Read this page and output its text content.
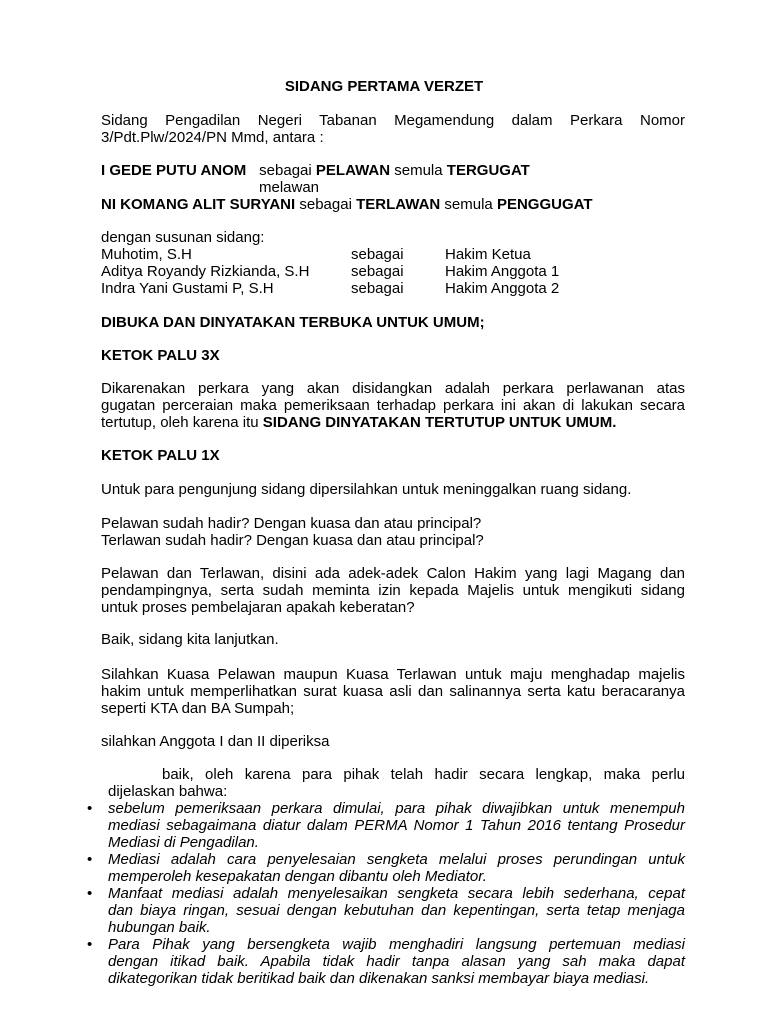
SIDANG PERTAMA VERZET

Sidang Pengadilan Negeri Tabanan Megamendung dalam Perkara Nomor

3/Pdt.Plw/2024/PN Mmd, antara :

I GEDE PUTU ANOM sebagai PELAWAN semula TERGUGAT
melawan
NI KOMANG ALIT SURYANI sebagai TERLAWAN semula PENGGUGAT
dengan susunan sidang:
Muhotim, S.H	sebagai	Hakim Ketua
Aditya Royandy Rizkianda, S.H	sebagai	Hakim Anggota 1
Indra Yani Gustami P, S.H	sebagai	Hakim Anggota 2
DIBUKA DAN DINYATAKAN TERBUKA UNTUK UMUM;
KETOK PALU 3X

Dikarenakan perkara yang akan disidangkan adalah perkara perlawanan atas

gugatan perceraian maka pemeriksaan terhadap perkara ini akan di lakukan secara

tertutup, oleh karena itu SIDANG DINYATAKAN TERTUTUP UNTUK UMUM.

KETOK PALU 1X
Untuk para pengunjung sidang dipersilahkan untuk meninggalkan ruang sidang.

Pelawan sudah hadir? Dengan kuasa dan atau principal?

Terlawan sudah hadir? Dengan kuasa dan atau principal?

Pelawan dan Terlawan, disini ada adek-adek Calon Hakim yang lagi Magang dan

pendampingnya, serta sudah meminta izin kepada Majelis untuk mengikuti sidang

untuk proses pembelajaran apakah keberatan?

Baik, sidang kita lanjutkan.

Silahkan Kuasa Pelawan maupun Kuasa Terlawan untuk maju menghadap majelis

hakim untuk memperlihatkan surat kuasa asli dan salinannya serta katu beracaranya

seperti KTA dan BA Sumpah;

silahkan Anggota I dan II diperiksa
baik, oleh karena para pihak telah hadir secara lengkap, maka perlu
dijelaskan bahwa:
•	sebelum pemeriksaan perkara dimulai, para pihak diwajibkan untuk menempuh
mediasi sebagaimana diatur dalam PERMA Nomor 1 Tahun 2016 tentang Prosedur
Mediasi di Pengadilan.
•	Mediasi adalah cara penyelesaian sengketa melalui proses perundingan untuk
memperoleh kesepakatan dengan dibantu oleh Mediator.
•	Manfaat mediasi adalah menyelesaikan sengketa secara lebih sederhana, cepat
dan biaya ringan, sesuai dengan kebutuhan dan kepentingan, serta tetap menjaga
hubungan baik.
•	Para Pihak yang bersengketa wajib menghadiri langsung pertemuan mediasi
dengan itikad baik. Apabila tidak hadir tanpa alasan yang sah maka dapat
dikategorikan tidak beritikad baik dan dikenakan sanksi membayar biaya mediasi.
